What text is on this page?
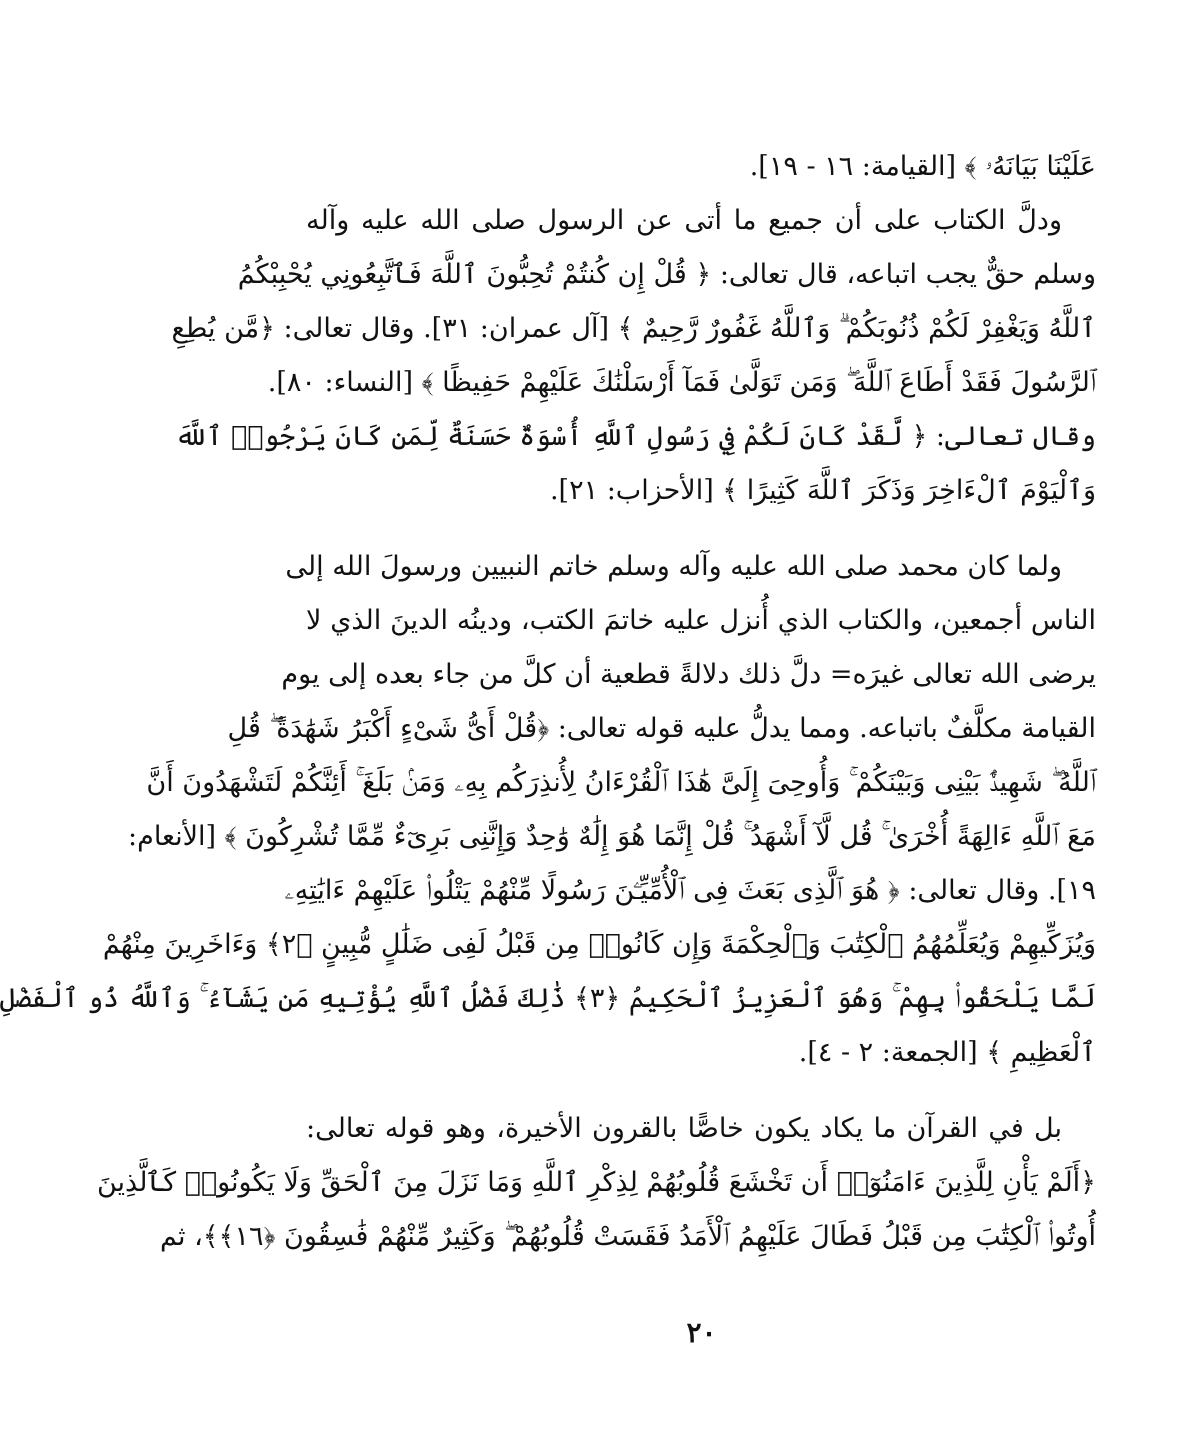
عَلَيْنَا بَيَانَهُۥ ﴾ [القيامة: ١٦ - ١٩].
ودلَّ الكتاب على أن جميع ما أتى عن الرسول صلى الله عليه وآله
وسلم حقٌّ يجب اتباعه، قال تعالى: ﴿ قُلْ إِن كُنتُمْ تُحِبُّونَ ٱللَّهَ فَٱتَّبِعُونِي يُحْبِبْكُمُ
ٱللَّهُ وَيَغْفِرْ لَكُمْ ذُنُوبَكُمْ ۗ وَٱللَّهُ غَفُورٌ رَّحِيمٌ ﴾ [آل عمران: ٣١]. وقال تعالى: ﴿مَّن يُطِعِ
ٱلرَّسُولَ فَقَدْ أَطَاعَ ٱللَّهَ ۖ وَمَن تَوَلَّىٰ فَمَآ أَرْسَلْنَٰكَ عَلَيْهِمْ حَفِيظًا ﴾ [النساء: ٨٠].
وقال تعالى: ﴿ لَّقَدْ كَانَ لَكُمْ فِي رَسُولِ ٱللَّهِ أُسْوَةٌ حَسَنَةٌ لِّمَن كَانَ يَرْجُوا۟ ٱللَّهَ
وَٱلْيَوْمَ ٱلْءَاخِرَ وَذَكَرَ ٱللَّهَ كَثِيرًا ﴾ [الأحزاب: ٢١].
ولما كان محمد صلى الله عليه وآله وسلم خاتم النبيين ورسولَ الله إلى
الناس أجمعين، والكتاب الذي أُنزل عليه خاتمَ الكتب، ودينُه الدينَ الذي لا
يرضى الله تعالى غيرَه= دلَّ ذلك دلالةً قطعية أن كلَّ من جاء بعده إلى يوم
القيامة مكلَّفٌ باتباعه. ومما يدلُّ عليه قوله تعالى: ﴿قُلْ أَىُّ شَىْءٍ أَكْبَرُ شَهَٰدَةً ۖ قُلِ
ٱللَّهُ ۖ شَهِيدٌۢ بَيْنِى وَبَيْنَكُمْ ۚ وَأُوحِىَ إِلَىَّ هَٰذَا ٱلْقُرْءَانُ لِأُنذِرَكُم بِهِۦ وَمَنۢ بَلَغَ ۚ أَئِنَّكُمْ لَتَشْهَدُونَ أَنَّ
مَعَ ٱللَّهِ ءَالِهَةً أُخْرَىٰ ۚ قُل لَّآ أَشْهَدُ ۚ قُلْ إِنَّمَا هُوَ إِلَٰهٌ وَٰحِدٌ وَإِنَّنِى بَرِىٓءٌ مِّمَّا تُشْرِكُونَ ﴾ [الأنعام:
١٩]. وقال تعالى: ﴿ هُوَ ٱلَّذِى بَعَثَ فِى ٱلْأُمِّيِّـۧنَ رَسُولًا مِّنْهُمْ يَتْلُوا۟ عَلَيْهِمْ ءَايَٰتِهِۦ
وَيُزَكِّيهِمْ وَيُعَلِّمُهُمُ ٱلْكِتَٰبَ وَٱلْحِكْمَةَ وَإِن كَانُوا۟ مِن قَبْلُ لَفِى ضَلَٰلٍ مُّبِينٍ ﴿٢﴾ وَءَاخَرِينَ مِنْهُمْ
لَمَّا يَلْحَقُوا۟ بِهِمْ ۚ وَهُوَ ٱلْعَزِيزُ ٱلْحَكِيمُ ﴿٣﴾ ذَٰلِكَ فَضْلُ ٱللَّهِ يُؤْتِيهِ مَن يَشَآءُ ۚ وَٱللَّهُ ذُو ٱلْفَضْلِ
ٱلْعَظِيمِ ﴾ [الجمعة: ٢ - ٤].
بل في القرآن ما يكاد يكون خاصًّا بالقرون الأخيرة، وهو قوله تعالى:
﴿أَلَمْ يَأْنِ لِلَّذِينَ ءَامَنُوٓا۟ أَن تَخْشَعَ قُلُوبُهُمْ لِذِكْرِ ٱللَّهِ وَمَا نَزَلَ مِنَ ٱلْحَقِّ وَلَا يَكُونُوا۟ كَٱلَّذِينَ
أُوتُوا۟ ٱلْكِتَٰبَ مِن قَبْلُ فَطَالَ عَلَيْهِمُ ٱلْأَمَدُ فَقَسَتْ قُلُوبُهُمْ ۖ وَكَثِيرٌ مِّنْهُمْ فَٰسِقُونَ ﴿١٦﴾﴾، ثم
٢٠
